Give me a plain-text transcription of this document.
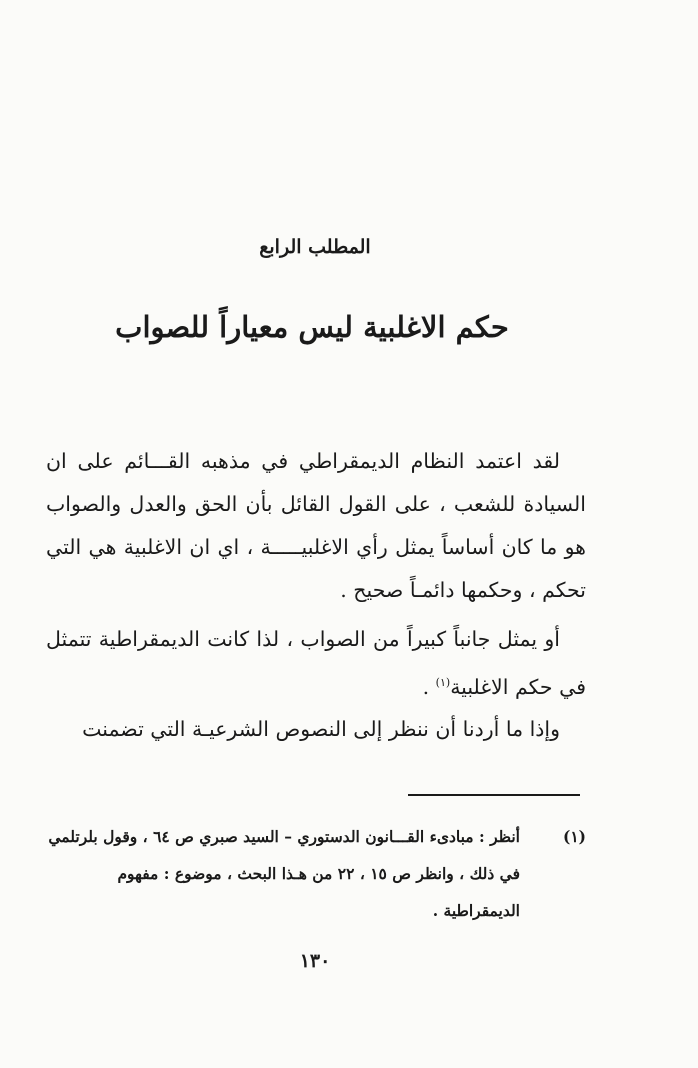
المطلب الرابع
حكم الاغلبية ليس معياراً للصواب

لقد اعتمد النظام الديمقراطي في مذهبه القـــائم على ان السيادة للشعب ، على القول القائل بأن الحق والعدل والصواب هو ما كان أساساً يمثل رأي الاغلبيـــــة ، اي ان الاغلبية هي التي تحكم ، وحكمها دائمـاً صحيح .

أو يمثل جانباً كبيراً من الصواب ، لذا كانت الديمقراطية تتمثل في حكم الاغلبية$^{(١)}$ .

وإذا ما أردنا أن ننظر إلى النصوص الشرعيـة التي تضمنت

(١)
أنظر : مبادىء القـــانون الدستوري – السيد صبري ص ٦٤ ، وقول بلرتلمي في ذلك ، وانظر ص ١٥ ، ٢٢ من هـذا البحث ، موضوع : مفهوم الديمقراطية .
١٣٠
